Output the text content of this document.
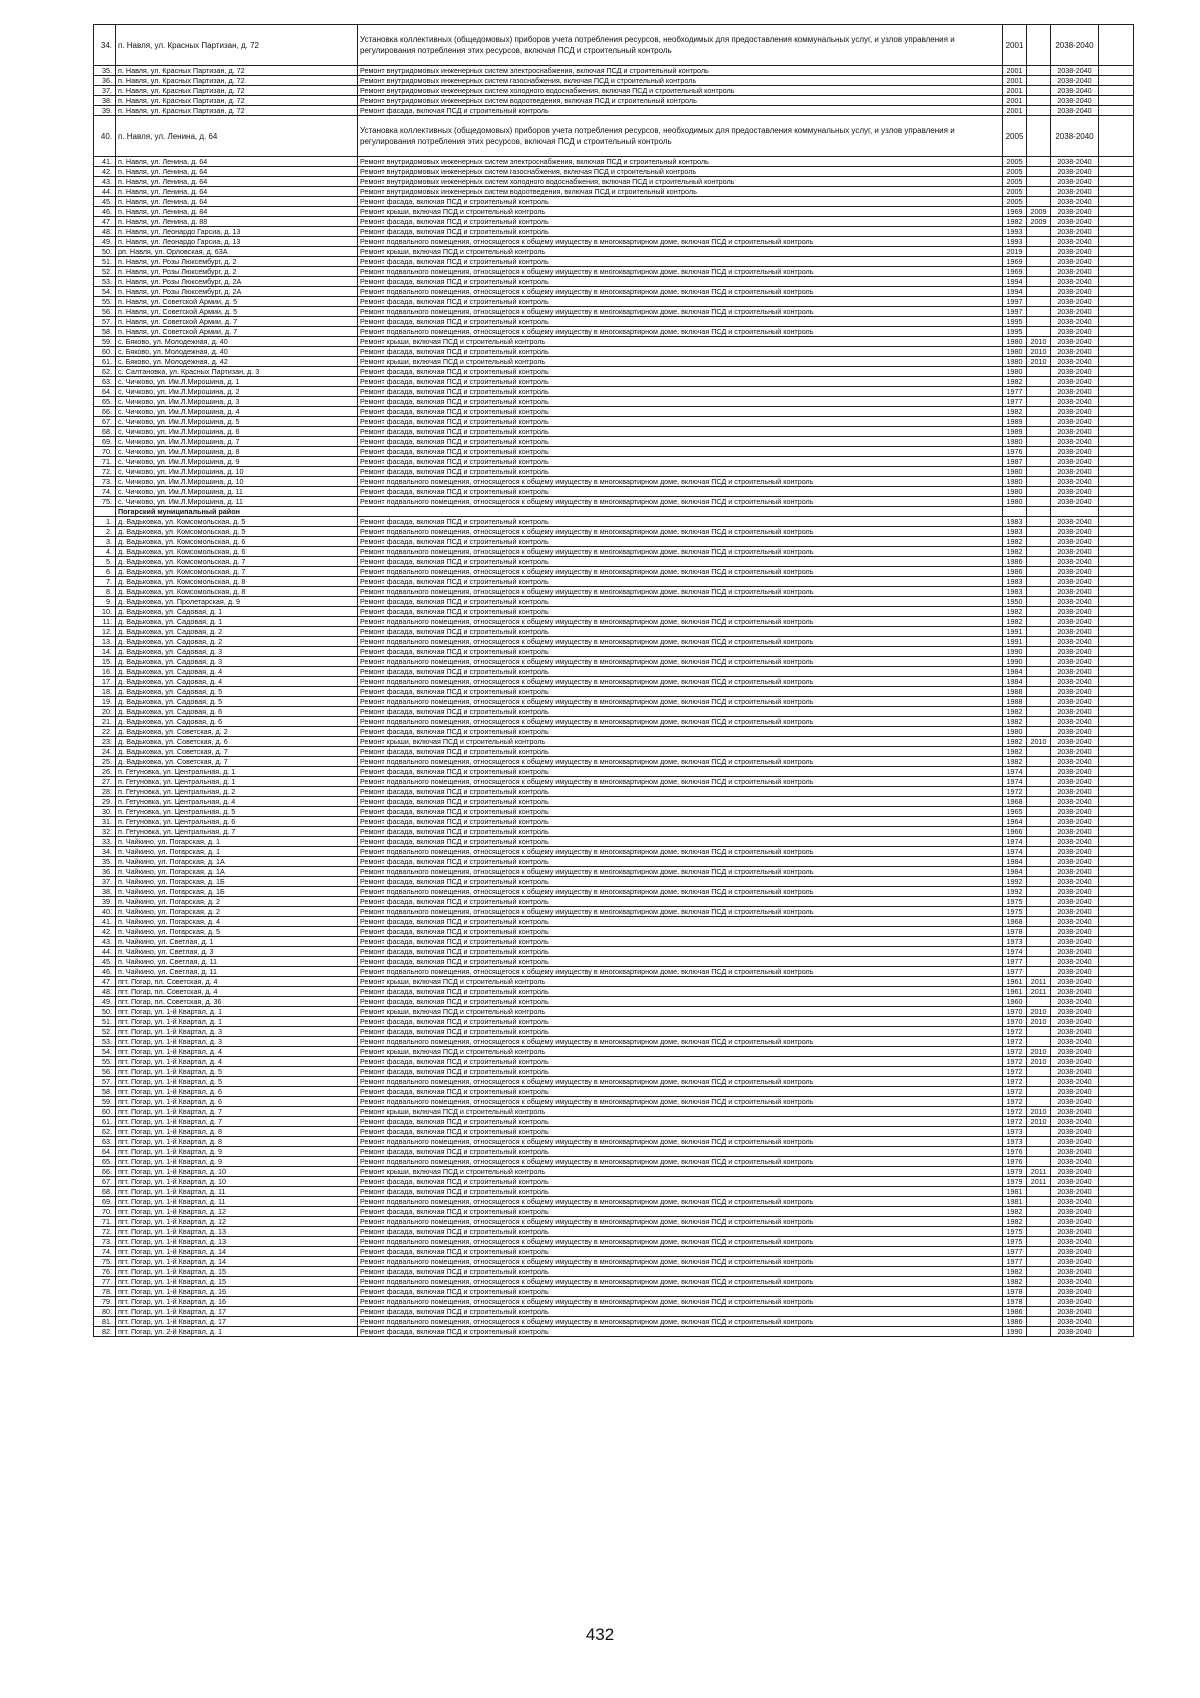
34.	п. Навля, ул. Красных Партизан, д. 72	Установка коллективных (общедомовых) приборов учета потребления ресурсов, необходимых для предоставления коммунальных услуг, и узлов управления и регулирования потребления этих ресурсов, включая ПСД и строительный контроль	2001		2038-2040	
35.	п. Навля, ул. Красных Партизан, д. 72	Ремонт внутридомовых инженерных систем электроснабжения, включая ПСД и строительный контроль	2001		2038-2040	
36.	п. Навля, ул. Красных Партизан, д. 72	Ремонт внутридомовых инженерных систем газоснабжения, включая ПСД и строительный контроль	2001		2038-2040	
37.	п. Навля, ул. Красных Партизан, д. 72	Ремонт внутридомовых инженерных систем холодного водоснабжения, включая ПСД и строительный контроль	2001		2038-2040	
38.	п. Навля, ул. Красных Партизан, д. 72	Ремонт внутридомовых инженерных систем водоотведения, включая ПСД и строительный контроль	2001		2038-2040	
39.	п. Навля, ул. Красных Партизан, д. 72	Ремонт фасада, включая ПСД и строительный контроль	2001		2038-2040	
40.	п. Навля, ул. Ленина, д. 64	Установка коллективных (общедомовых) приборов учета потребления ресурсов, необходимых для предоставления коммунальных услуг, и узлов управления и регулирования потребления этих ресурсов, включая ПСД и строительный контроль	2005		2038-2040	
41.	п. Навля, ул. Ленина, д. 64	Ремонт внутридомовых инженерных систем электроснабжения, включая ПСД и строительный контроль	2005		2038-2040	
42.	п. Навля, ул. Ленина, д. 64	Ремонт внутридомовых инженерных систем газоснабжения, включая ПСД и строительный контроль	2005		2038-2040	
43.	п. Навля, ул. Ленина, д. 64	Ремонт внутридомовых инженерных систем холодного водоснабжения, включая ПСД и строительный контроль	2005		2038-2040	
44.	п. Навля, ул. Ленина, д. 64	Ремонт внутридомовых инженерных систем водоотведения, включая ПСД и строительный контроль	2005		2038-2040	
45.	п. Навля, ул. Ленина, д. 64	Ремонт фасада, включая ПСД и строительный контроль	2005		2038-2040	
46.	п. Навля, ул. Ленина, д. 84	Ремонт крыши, включая ПСД и строительный контроль	1969	2009	2038-2040	
47.	п. Навля, ул. Ленина, д. 88	Ремонт фасада, включая ПСД и строительный контроль	1982	2009	2038-2040	
48.	п. Навля, ул. Леонардо Гарсиа, д. 13	Ремонт фасада, включая ПСД и строительный контроль	1993		2038-2040	
49.	п. Навля, ул. Леонардо Гарсиа, д. 13	Ремонт подвального помещения, относящегося к общему имуществу в многоквартирном доме, включая ПСД и строительный контроль	1993		2038-2040	
50.	рп. Навля, ул. Орловская, д. 63А	Ремонт крыши, включая ПСД и строительный контроль	2019		2038-2040	
51.	п. Навля, ул. Розы Люксембург, д. 2	Ремонт фасада, включая ПСД и строительный контроль	1969		2038-2040	
52.	п. Навля, ул. Розы Люксембург, д. 2	Ремонт подвального помещения, относящегося к общему имуществу в многоквартирном доме, включая ПСД и строительный контроль	1969		2038-2040	
53.	п. Навля, ул. Розы Люксембург, д. 2А	Ремонт фасада, включая ПСД и строительный контроль	1994		2038-2040	
54.	п. Навля, ул. Розы Люксембург, д. 2А	Ремонт подвального помещения, относящегося к общему имуществу в многоквартирном доме, включая ПСД и строительный контроль	1994		2038-2040	
55.	п. Навля, ул. Советской Армии, д. 5	Ремонт фасада, включая ПСД и строительный контроль	1997		2038-2040	
56.	п. Навля, ул. Советской Армии, д. 5	Ремонт подвального помещения, относящегося к общему имуществу в многоквартирном доме, включая ПСД и строительный контроль	1997		2038-2040	
57.	п. Навля, ул. Советской Армии, д. 7	Ремонт фасада, включая ПСД и строительный контроль	1995		2038-2040	
58.	п. Навля, ул. Советской Армии, д. 7	Ремонт подвального помещения, относящегося к общему имуществу в многоквартирном доме, включая ПСД и строительный контроль	1995		2038-2040	
59.	с. Бяково, ул. Молодежная, д. 40	Ремонт крыши, включая ПСД и строительный контроль	1980	2010	2038-2040	
60.	с. Бяково, ул. Молодежная, д. 40	Ремонт фасада, включая ПСД и строительный контроль	1980	2010	2038-2040	
61.	с. Бяково, ул. Молодежная, д. 42	Ремонт крыши, включая ПСД и строительный контроль	1980	2010	2038-2040	
62.	с. Салтановка, ул. Красных Партизан, д. 3	Ремонт фасада, включая ПСД и строительный контроль	1980		2038-2040	
63.	с. Чичково, ул. Им.Л.Мирошина, д. 1	Ремонт фасада, включая ПСД и строительный контроль	1982		2038-2040	
64.	с. Чичково, ул. Им.Л.Мирошина, д. 2	Ремонт фасада, включая ПСД и строительный контроль	1977		2038-2040	
65.	с. Чичково, ул. Им.Л.Мирошина, д. 3	Ремонт фасада, включая ПСД и строительный контроль	1977		2038-2040	
66.	с. Чичково, ул. Им.Л.Мирошина, д. 4	Ремонт фасада, включая ПСД и строительный контроль	1982		2038-2040	
67.	с. Чичково, ул. Им.Л.Мирошина, д. 5	Ремонт фасада, включая ПСД и строительный контроль	1989		2038-2040	
68.	с. Чичково, ул. Им.Л.Мирошина, д. 6	Ремонт фасада, включая ПСД и строительный контроль	1989		2038-2040	
69.	с. Чичково, ул. Им.Л.Мирошина, д. 7	Ремонт фасада, включая ПСД и строительный контроль	1980		2038-2040	
70.	с. Чичково, ул. Им.Л.Мирошина, д. 8	Ремонт фасада, включая ПСД и строительный контроль	1976		2038-2040	
71.	с. Чичково, ул. Им.Л.Мирошина, д. 9	Ремонт фасада, включая ПСД и строительный контроль	1987		2038-2040	
72.	с. Чичково, ул. Им.Л.Мирошина, д. 10	Ремонт фасада, включая ПСД и строительный контроль	1980		2038-2040	
73.	с. Чичково, ул. Им.Л.Мирошина, д. 10	Ремонт подвального помещения, относящегося к общему имуществу в многоквартирном доме, включая ПСД и строительный контроль	1980		2038-2040	
74.	с. Чичково, ул. Им.Л.Мирошина, д. 11	Ремонт фасада, включая ПСД и строительный контроль	1980		2038-2040	
75.	с. Чичково, ул. Им.Л.Мирошина, д. 11	Ремонт подвального помещения, относящегося к общему имуществу в многоквартирном доме, включая ПСД и строительный контроль	1980		2038-2040	
	Погарский муниципальный район					
1.	д. Вадьковка, ул. Комсомольская, д. 5	Ремонт фасада, включая ПСД и строительный контроль	1983		2038-2040	
2.	д. Вадьковка, ул. Комсомольская, д. 5	Ремонт подвального помещения, относящегося к общему имуществу в многоквартирном доме, включая ПСД и строительный контроль	1983		2038-2040	
3.	д. Вадьковка, ул. Комсомольская, д. 6	Ремонт фасада, включая ПСД и строительный контроль	1982		2038-2040	
4.	д. Вадьковка, ул. Комсомольская, д. 6	Ремонт подвального помещения, относящегося к общему имуществу в многоквартирном доме, включая ПСД и строительный контроль	1982		2038-2040	
5.	д. Вадьковка, ул. Комсомольская, д. 7	Ремонт фасада, включая ПСД и строительный контроль	1986		2038-2040	
6.	д. Вадьковка, ул. Комсомольская, д. 7	Ремонт подвального помещения, относящегося к общему имуществу в многоквартирном доме, включая ПСД и строительный контроль	1986		2038-2040	
7.	д. Вадьковка, ул. Комсомольская, д. 8	Ремонт фасада, включая ПСД и строительный контроль	1983		2038-2040	
8.	д. Вадьковка, ул. Комсомольская, д. 8	Ремонт подвального помещения, относящегося к общему имуществу в многоквартирном доме, включая ПСД и строительный контроль	1983		2038-2040	
9.	д. Вадьковка, ул. Пролетарская, д. 9	Ремонт фасада, включая ПСД и строительный контроль	1950		2038-2040	
10.	д. Вадьковка, ул. Садовая, д. 1	Ремонт фасада, включая ПСД и строительный контроль	1982		2038-2040	
11.	д. Вадьковка, ул. Садовая, д. 1	Ремонт подвального помещения, относящегося к общему имуществу в многоквартирном доме, включая ПСД и строительный контроль	1982		2038-2040	
12.	д. Вадьковка, ул. Садовая, д. 2	Ремонт фасада, включая ПСД и строительный контроль	1991		2038-2040	
13.	д. Вадьковка, ул. Садовая, д. 2	Ремонт подвального помещения, относящегося к общему имуществу в многоквартирном доме, включая ПСД и строительный контроль	1991		2038-2040	
14.	д. Вадьковка, ул. Садовая, д. 3	Ремонт фасада, включая ПСД и строительный контроль	1990		2038-2040	
15.	д. Вадьковка, ул. Садовая, д. 3	Ремонт подвального помещения, относящегося к общему имуществу в многоквартирном доме, включая ПСД и строительный контроль	1990		2038-2040	
16.	д. Вадьковка, ул. Садовая, д. 4	Ремонт фасада, включая ПСД и строительный контроль	1984		2038-2040	
17.	д. Вадьковка, ул. Садовая, д. 4	Ремонт подвального помещения, относящегося к общему имуществу в многоквартирном доме, включая ПСД и строительный контроль	1984		2038-2040	
18.	д. Вадьковка, ул. Садовая, д. 5	Ремонт фасада, включая ПСД и строительный контроль	1988		2038-2040	
19.	д. Вадьковка, ул. Садовая, д. 5	Ремонт подвального помещения, относящегося к общему имуществу в многоквартирном доме, включая ПСД и строительный контроль	1988		2038-2040	
20.	д. Вадьковка, ул. Садовая, д. 6	Ремонт фасада, включая ПСД и строительный контроль	1982		2038-2040	
21.	д. Вадьковка, ул. Садовая, д. 6	Ремонт подвального помещения, относящегося к общему имуществу в многоквартирном доме, включая ПСД и строительный контроль	1982		2038-2040	
22.	д. Вадьковка, ул. Советская, д. 2	Ремонт фасада, включая ПСД и строительный контроль	1980		2038-2040	
23.	д. Вадьковка, ул. Советская, д. 6	Ремонт крыши, включая ПСД и строительный контроль	1982	2010	2038-2040	
24.	д. Вадьковка, ул. Советская, д. 7	Ремонт фасада, включая ПСД и строительный контроль	1982		2038-2040	
25.	д. Вадьковка, ул. Советская, д. 7	Ремонт подвального помещения, относящегося к общему имуществу в многоквартирном доме, включая ПСД и строительный контроль	1982		2038-2040	
26.	п. Гетуновка, ул. Центральная, д. 1	Ремонт фасада, включая ПСД и строительный контроль	1974		2038-2040	
27.	п. Гетуновка, ул. Центральная, д. 1	Ремонт подвального помещения, относящегося к общему имуществу в многоквартирном доме, включая ПСД и строительный контроль	1974		2038-2040	
28.	п. Гетуновка, ул. Центральная, д. 2	Ремонт фасада, включая ПСД и строительный контроль	1972		2038-2040	
29.	п. Гетуновка, ул. Центральная, д. 4	Ремонт фасада, включая ПСД и строительный контроль	1968		2038-2040	
30.	п. Гетуновка, ул. Центральная, д. 5	Ремонт фасада, включая ПСД и строительный контроль	1965		2038-2040	
31.	п. Гетуновка, ул. Центральная, д. 6	Ремонт фасада, включая ПСД и строительный контроль	1964		2038-2040	
32.	п. Гетуновка, ул. Центральная, д. 7	Ремонт фасада, включая ПСД и строительный контроль	1966		2038-2040	
33.	п. Чайкино, ул. Погарская, д. 1	Ремонт фасада, включая ПСД и строительный контроль	1974		2038-2040	
34.	п. Чайкино, ул. Погарская, д. 1	Ремонт подвального помещения, относящегося к общему имуществу в многоквартирном доме, включая ПСД и строительный контроль	1974		2038-2040	
35.	п. Чайкино, ул. Погарская, д. 1А	Ремонт фасада, включая ПСД и строительный контроль	1984		2038-2040	
36.	п. Чайкино, ул. Погарская, д. 1А	Ремонт подвального помещения, относящегося к общему имуществу в многоквартирном доме, включая ПСД и строительный контроль	1984		2038-2040	
37.	п. Чайкино, ул. Погарская, д. 1Б	Ремонт фасада, включая ПСД и строительный контроль	1992		2038-2040	
38.	п. Чайкино, ул. Погарская, д. 1Б	Ремонт подвального помещения, относящегося к общему имуществу в многоквартирном доме, включая ПСД и строительный контроль	1992		2038-2040	
39.	п. Чайкино, ул. Погарская, д. 2	Ремонт фасада, включая ПСД и строительный контроль	1975		2038-2040	
40.	п. Чайкино, ул. Погарская, д. 2	Ремонт подвального помещения, относящегося к общему имуществу в многоквартирном доме, включая ПСД и строительный контроль	1975		2038-2040	
41.	п. Чайкино, ул. Погарская, д. 4	Ремонт фасада, включая ПСД и строительный контроль	1968		2038-2040	
42.	п. Чайкино, ул. Погарская, д. 5	Ремонт фасада, включая ПСД и строительный контроль	1978		2038-2040	
43.	п. Чайкино, ул. Светлая, д. 1	Ремонт фасада, включая ПСД и строительный контроль	1973		2038-2040	
44.	п. Чайкино, ул. Светлая, д. 3	Ремонт фасада, включая ПСД и строительный контроль	1974		2038-2040	
45.	п. Чайкино, ул. Светлая, д. 11	Ремонт фасада, включая ПСД и строительный контроль	1977		2038-2040	
46.	п. Чайкино, ул. Светлая, д. 11	Ремонт подвального помещения, относящегося к общему имуществу в многоквартирном доме, включая ПСД и строительный контроль	1977		2038-2040	
47.	пгт. Погар, пл. Советская, д. 4	Ремонт крыши, включая ПСД и строительный контроль	1961	2011	2038-2040	
48.	пгт. Погар, пл. Советская, д. 4	Ремонт фасада, включая ПСД и строительный контроль	1961	2011	2038-2040	
49.	пгт. Погар, пл. Советская, д. 36	Ремонт фасада, включая ПСД и строительный контроль	1960		2038-2040	
50.	пгт. Погар, ул. 1-й Квартал, д. 1	Ремонт крыши, включая ПСД и строительный контроль	1970	2010	2038-2040	
51.	пгт. Погар, ул. 1-й Квартал, д. 1	Ремонт фасада, включая ПСД и строительный контроль	1970	2010	2038-2040	
52.	пгт. Погар, ул. 1-й Квартал, д. 3	Ремонт фасада, включая ПСД и строительный контроль	1972		2038-2040	
53.	пгт. Погар, ул. 1-й Квартал, д. 3	Ремонт подвального помещения, относящегося к общему имуществу в многоквартирном доме, включая ПСД и строительный контроль	1972		2038-2040	
54.	пгт. Погар, ул. 1-й Квартал, д. 4	Ремонт крыши, включая ПСД и строительный контроль	1972	2010	2038-2040	
55.	пгт. Погар, ул. 1-й Квартал, д. 4	Ремонт фасада, включая ПСД и строительный контроль	1972	2010	2038-2040	
56.	пгт. Погар, ул. 1-й Квартал, д. 5	Ремонт фасада, включая ПСД и строительный контроль	1972		2038-2040	
57.	пгт. Погар, ул. 1-й Квартал, д. 5	Ремонт подвального помещения, относящегося к общему имуществу в многоквартирном доме, включая ПСД и строительный контроль	1972		2038-2040	
58.	пгт. Погар, ул. 1-й Квартал, д. 6	Ремонт фасада, включая ПСД и строительный контроль	1972		2038-2040	
59.	пгт. Погар, ул. 1-й Квартал, д. 6	Ремонт подвального помещения, относящегося к общему имуществу в многоквартирном доме, включая ПСД и строительный контроль	1972		2038-2040	
60.	пгт. Погар, ул. 1-й Квартал, д. 7	Ремонт крыши, включая ПСД и строительный контроль	1972	2010	2038-2040	
61.	пгт. Погар, ул. 1-й Квартал, д. 7	Ремонт фасада, включая ПСД и строительный контроль	1972	2010	2038-2040	
62.	пгт. Погар, ул. 1-й Квартал, д. 8	Ремонт фасада, включая ПСД и строительный контроль	1973		2038-2040	
63.	пгт. Погар, ул. 1-й Квартал, д. 8	Ремонт подвального помещения, относящегося к общему имуществу в многоквартирном доме, включая ПСД и строительный контроль	1973		2038-2040	
64.	пгт. Погар, ул. 1-й Квартал, д. 9	Ремонт фасада, включая ПСД и строительный контроль	1976		2038-2040	
65.	пгт. Погар, ул. 1-й Квартал, д. 9	Ремонт подвального помещения, относящегося к общему имуществу в многоквартирном доме, включая ПСД и строительный контроль	1976		2038-2040	
66.	пгт. Погар, ул. 1-й Квартал, д. 10	Ремонт крыши, включая ПСД и строительный контроль	1979	2011	2038-2040	
67.	пгт. Погар, ул. 1-й Квартал, д. 10	Ремонт фасада, включая ПСД и строительный контроль	1979	2011	2038-2040	
68.	пгт. Погар, ул. 1-й Квартал, д. 11	Ремонт фасада, включая ПСД и строительный контроль	1981		2038-2040	
69.	пгт. Погар, ул. 1-й Квартал, д. 11	Ремонт подвального помещения, относящегося к общему имуществу в многоквартирном доме, включая ПСД и строительный контроль	1981		2038-2040	
70.	пгт. Погар, ул. 1-й Квартал, д. 12	Ремонт фасада, включая ПСД и строительный контроль	1982		2038-2040	
71.	пгт. Погар, ул. 1-й Квартал, д. 12	Ремонт подвального помещения, относящегося к общему имуществу в многоквартирном доме, включая ПСД и строительный контроль	1982		2038-2040	
72.	пгт. Погар, ул. 1-й Квартал, д. 13	Ремонт фасада, включая ПСД и строительный контроль	1975		2038-2040	
73.	пгт. Погар, ул. 1-й Квартал, д. 13	Ремонт подвального помещения, относящегося к общему имуществу в многоквартирном доме, включая ПСД и строительный контроль	1975		2038-2040	
74.	пгт. Погар, ул. 1-й Квартал, д. 14	Ремонт фасада, включая ПСД и строительный контроль	1977		2038-2040	
75.	пгт. Погар, ул. 1-й Квартал, д. 14	Ремонт подвального помещения, относящегося к общему имуществу в многоквартирном доме, включая ПСД и строительный контроль	1977		2038-2040	
76.	пгт. Погар, ул. 1-й Квартал, д. 15	Ремонт фасада, включая ПСД и строительный контроль	1982		2038-2040	
77.	пгт. Погар, ул. 1-й Квартал, д. 15	Ремонт подвального помещения, относящегося к общему имуществу в многоквартирном доме, включая ПСД и строительный контроль	1982		2038-2040	
78.	пгт. Погар, ул. 1-й Квартал, д. 16	Ремонт фасада, включая ПСД и строительный контроль	1978		2038-2040	
79.	пгт. Погар, ул. 1-й Квартал, д. 16	Ремонт подвального помещения, относящегося к общему имуществу в многоквартирном доме, включая ПСД и строительный контроль	1978		2038-2040	
80.	пгт. Погар, ул. 1-й Квартал, д. 17	Ремонт фасада, включая ПСД и строительный контроль	1986		2038-2040	
81.	пгт. Погар, ул. 1-й Квартал, д. 17	Ремонт подвального помещения, относящегося к общему имуществу в многоквартирном доме, включая ПСД и строительный контроль	1986		2038-2040	
82.	пгт. Погар, ул. 2-й Квартал, д. 1	Ремонт фасада, включая ПСД и строительный контроль	1990		2038-2040	
432
